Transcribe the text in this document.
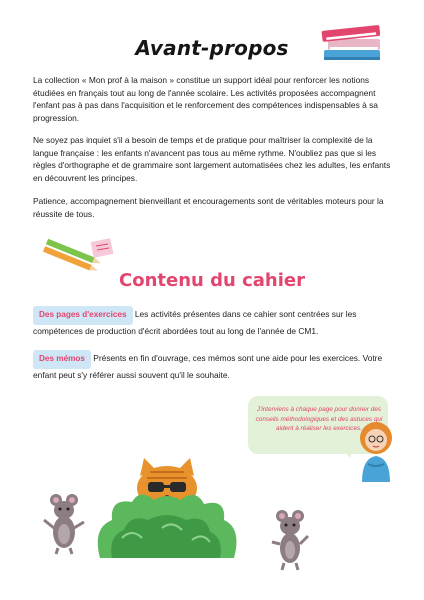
Avant-propos
La collection « Mon prof à la maison » constitue un support idéal pour renforcer les notions étudiées en français tout au long de l'année scolaire. Les activités proposées accompagnent l'enfant pas à pas dans l'acquisition et le renforcement des compétences indispensables à sa progression.
Ne soyez pas inquiet s'il a besoin de temps et de pratique pour maîtriser la complexité de la langue française : les enfants n'avancent pas tous au même rythme. N'oubliez pas que si les règles d'orthographe et de grammaire sont largement automatisées chez les adultes, les enfants en découvrent les principes.
Patience, accompagnement bienveillant et encouragements sont de véritables moteurs pour la réussite de tous.
Contenu du cahier
Des pages d'exercices Les activités présentes dans ce cahier sont centrées sur les compétences de production d'écrit abordées tout au long de l'année de CM1.
Des mémos Présents en fin d'ouvrage, ces mémos sont une aide pour les exercices. Votre enfant peut s'y référer aussi souvent qu'il le souhaite.
J'interviens à chaque page pour donner des conseils méthodologiques et des astuces qui aident à réaliser les exercices.
